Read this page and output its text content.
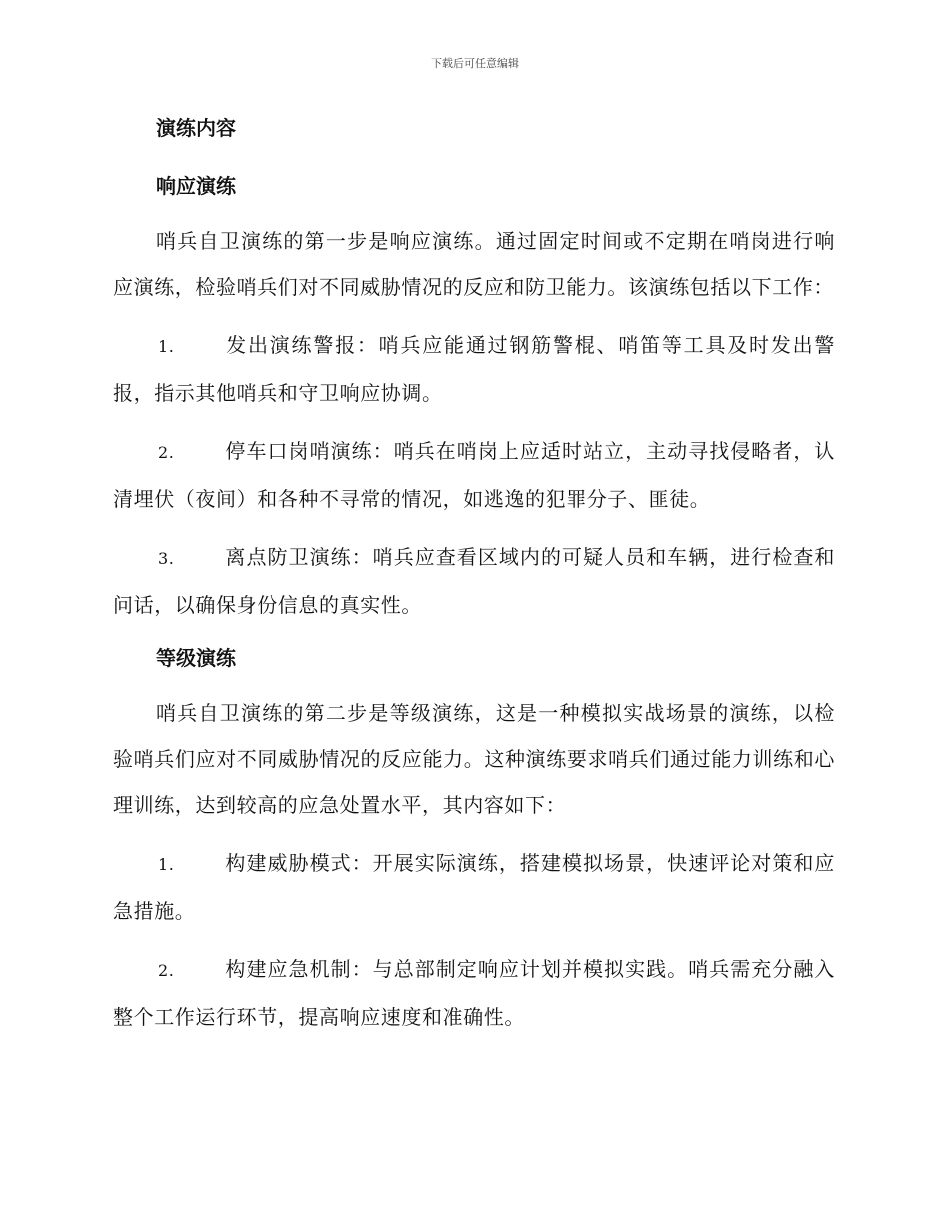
下载后可任意编辑
演练内容
响应演练

哨兵自卫演练的第一步是响应演练。通过固定时间或不定期在哨岗进行响应演练，检验哨兵们对不同威胁情况的反应和防卫能力。该演练包括以下工作：

1.	发出演练警报：哨兵应能通过钢筋警棍、哨笛等工具及时发出警报，指示其他哨兵和守卫响应协调。

2.	停车口岗哨演练：哨兵在哨岗上应适时站立，主动寻找侵略者，认清埋伏（夜间）和各种不寻常的情况，如逃逸的犯罪分子、匪徒。

3.	离点防卫演练：哨兵应查看区域内的可疑人员和车辆，进行检查和问话，以确保身份信息的真实性。

等级演练

哨兵自卫演练的第二步是等级演练，这是一种模拟实战场景的演练，以检验哨兵们应对不同威胁情况的反应能力。这种演练要求哨兵们通过能力训练和心理训练，达到较高的应急处置水平，其内容如下：

1.	构建威胁模式：开展实际演练，搭建模拟场景，快速评论对策和应急措施。

2.	构建应急机制：与总部制定响应计划并模拟实践。哨兵需充分融入整个工作运行环节，提高响应速度和准确性。
